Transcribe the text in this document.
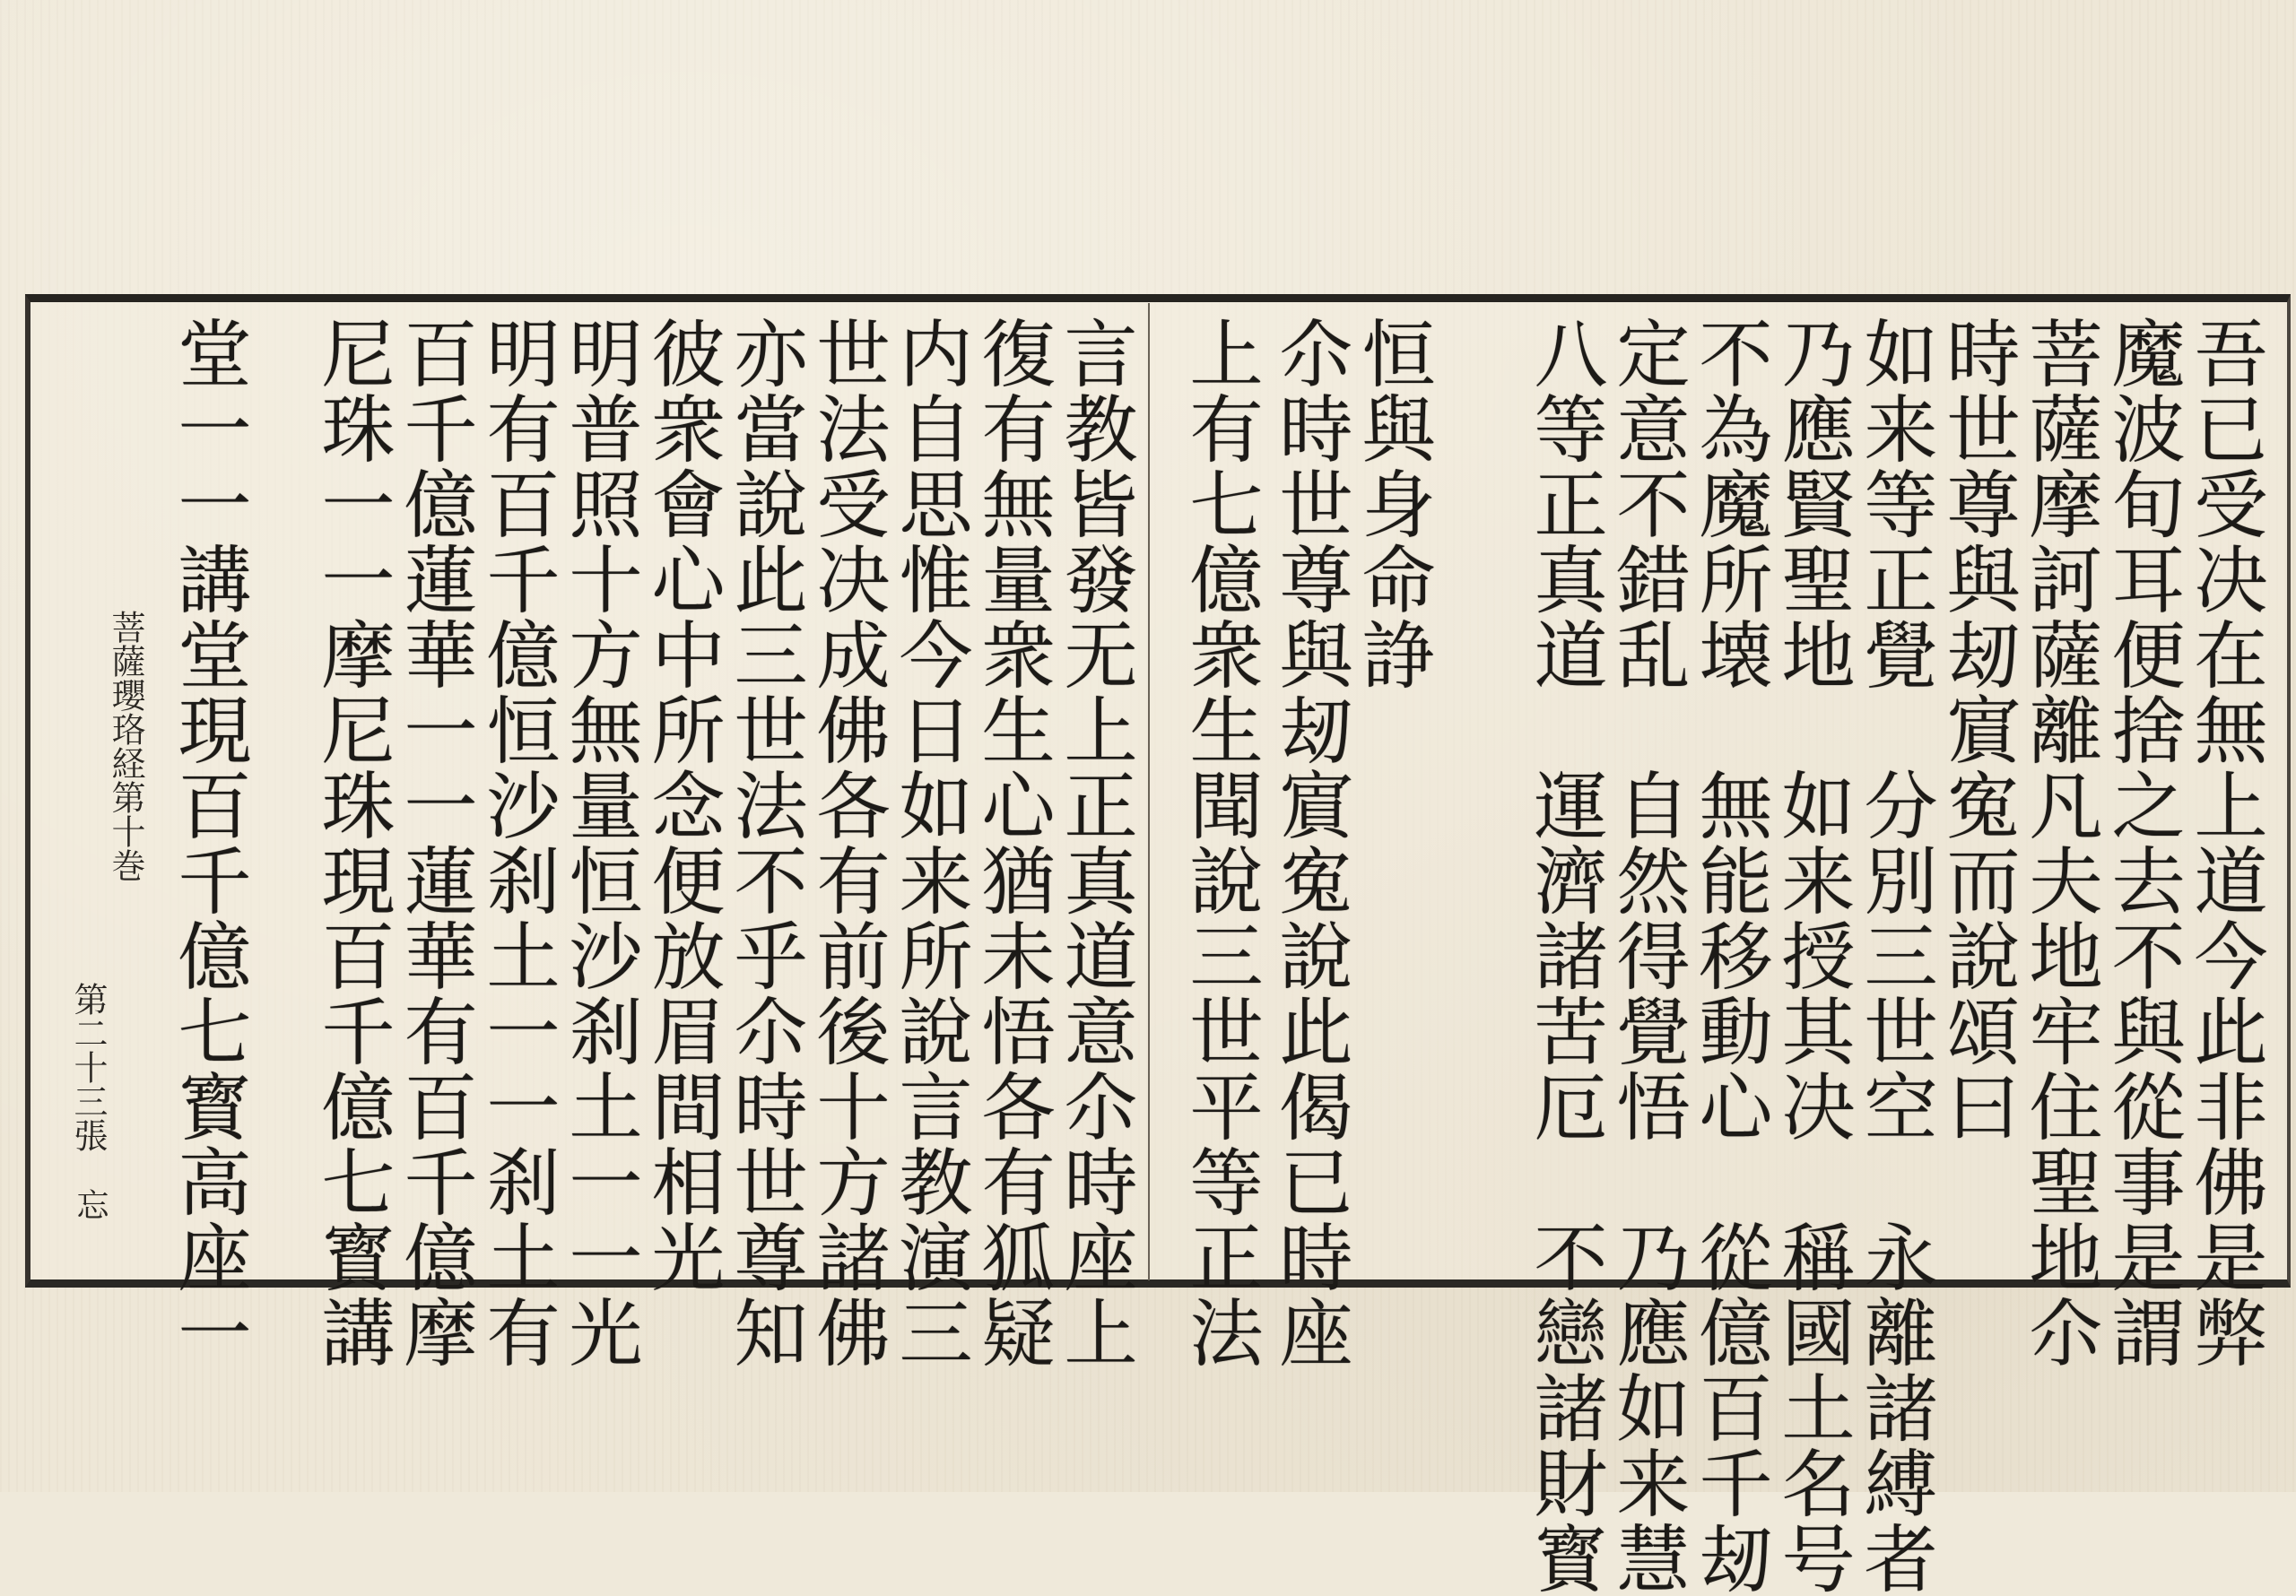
吾已受决在無上道今此非佛是弊
魔波旬耳便捨之去不與從事是謂
菩薩摩訶薩離凡夫地牢住聖地尒
時世尊與刼賔寃而說頌曰
如来等正覺　分別三世空　永離諸縛者
乃應賢聖地　如来授其决　稱國土名号
不為魔所壊　無能移動心　從億百千刼
定意不錯乱　自然得覺悟　乃應如来慧
八等正真道　運濟諸苦厄　不戀諸財寳
恒與身命諍
尒時世尊與刼賔寃說此偈已時座
上有七億衆生聞說三世平等正法
言教皆發无上正真道意尒時座上
復有無量衆生心猶未悟各有狐疑
内自思惟今日如来所說言教演三
世法受决成佛各有前後十方諸佛
亦當說此三世法不乎尒時世尊知
彼衆會心中所念便放眉間相光
明普照十方無量恒沙刹土一一光
明有百千億恒沙刹土一一刹土有
百千億蓮華一一蓮華有百千億摩
尼珠一一摩尼珠現百千億七寳講
堂一一講堂現百千億七寳高座一
菩薩瓔珞経第十巻
第二十三張
忘
